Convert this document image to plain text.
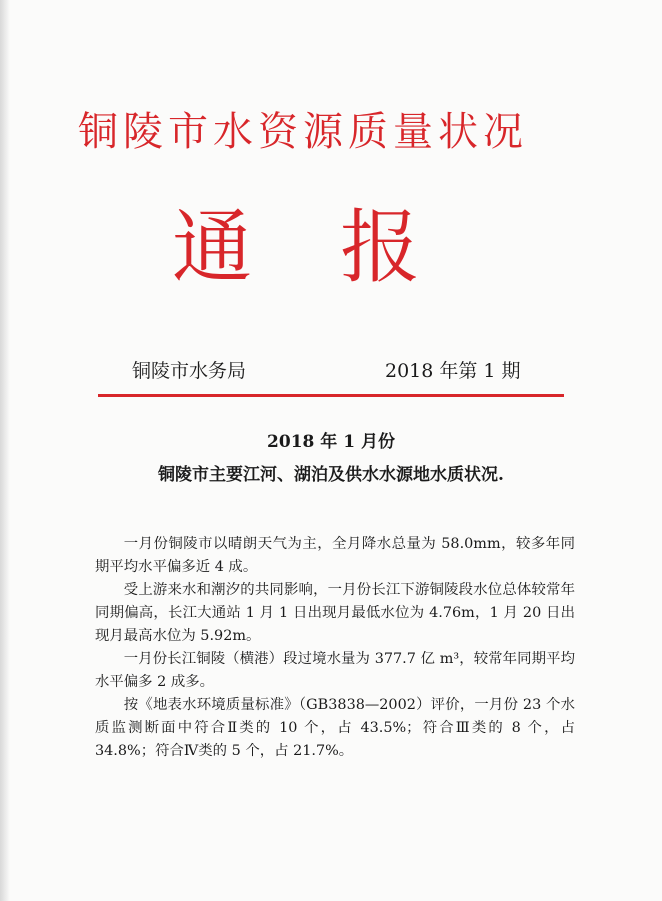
铜陵市水资源质量状况
通 报
铜陵市水务局	2018 年第 1 期
2018 年 1 月份
铜陵市主要江河、湖泊及供水水源地水质状况.

一月份铜陵市以晴朗天气为主，全月降水总量为 58.0mm，较多年同期平均水平偏多近 4 成。

受上游来水和潮汐的共同影响，一月份长江下游铜陵段水位总体较常年同期偏高，长江大通站 1 月 1 日出现月最低水位为 4.76m，1 月 20 日出现月最高水位为 5.92m。

一月份长江铜陵（横港）段过境水量为 377.7 亿 m³，较常年同期平均水平偏多 2 成多。

按《地表水环境质量标准》（GB3838—2002）评价，一月份 23 个水质监测断面中符合Ⅱ类的 10 个，占 43.5%；符合Ⅲ类的 8 个，占 34.8%；符合Ⅳ类的 5 个，占 21.7%。
